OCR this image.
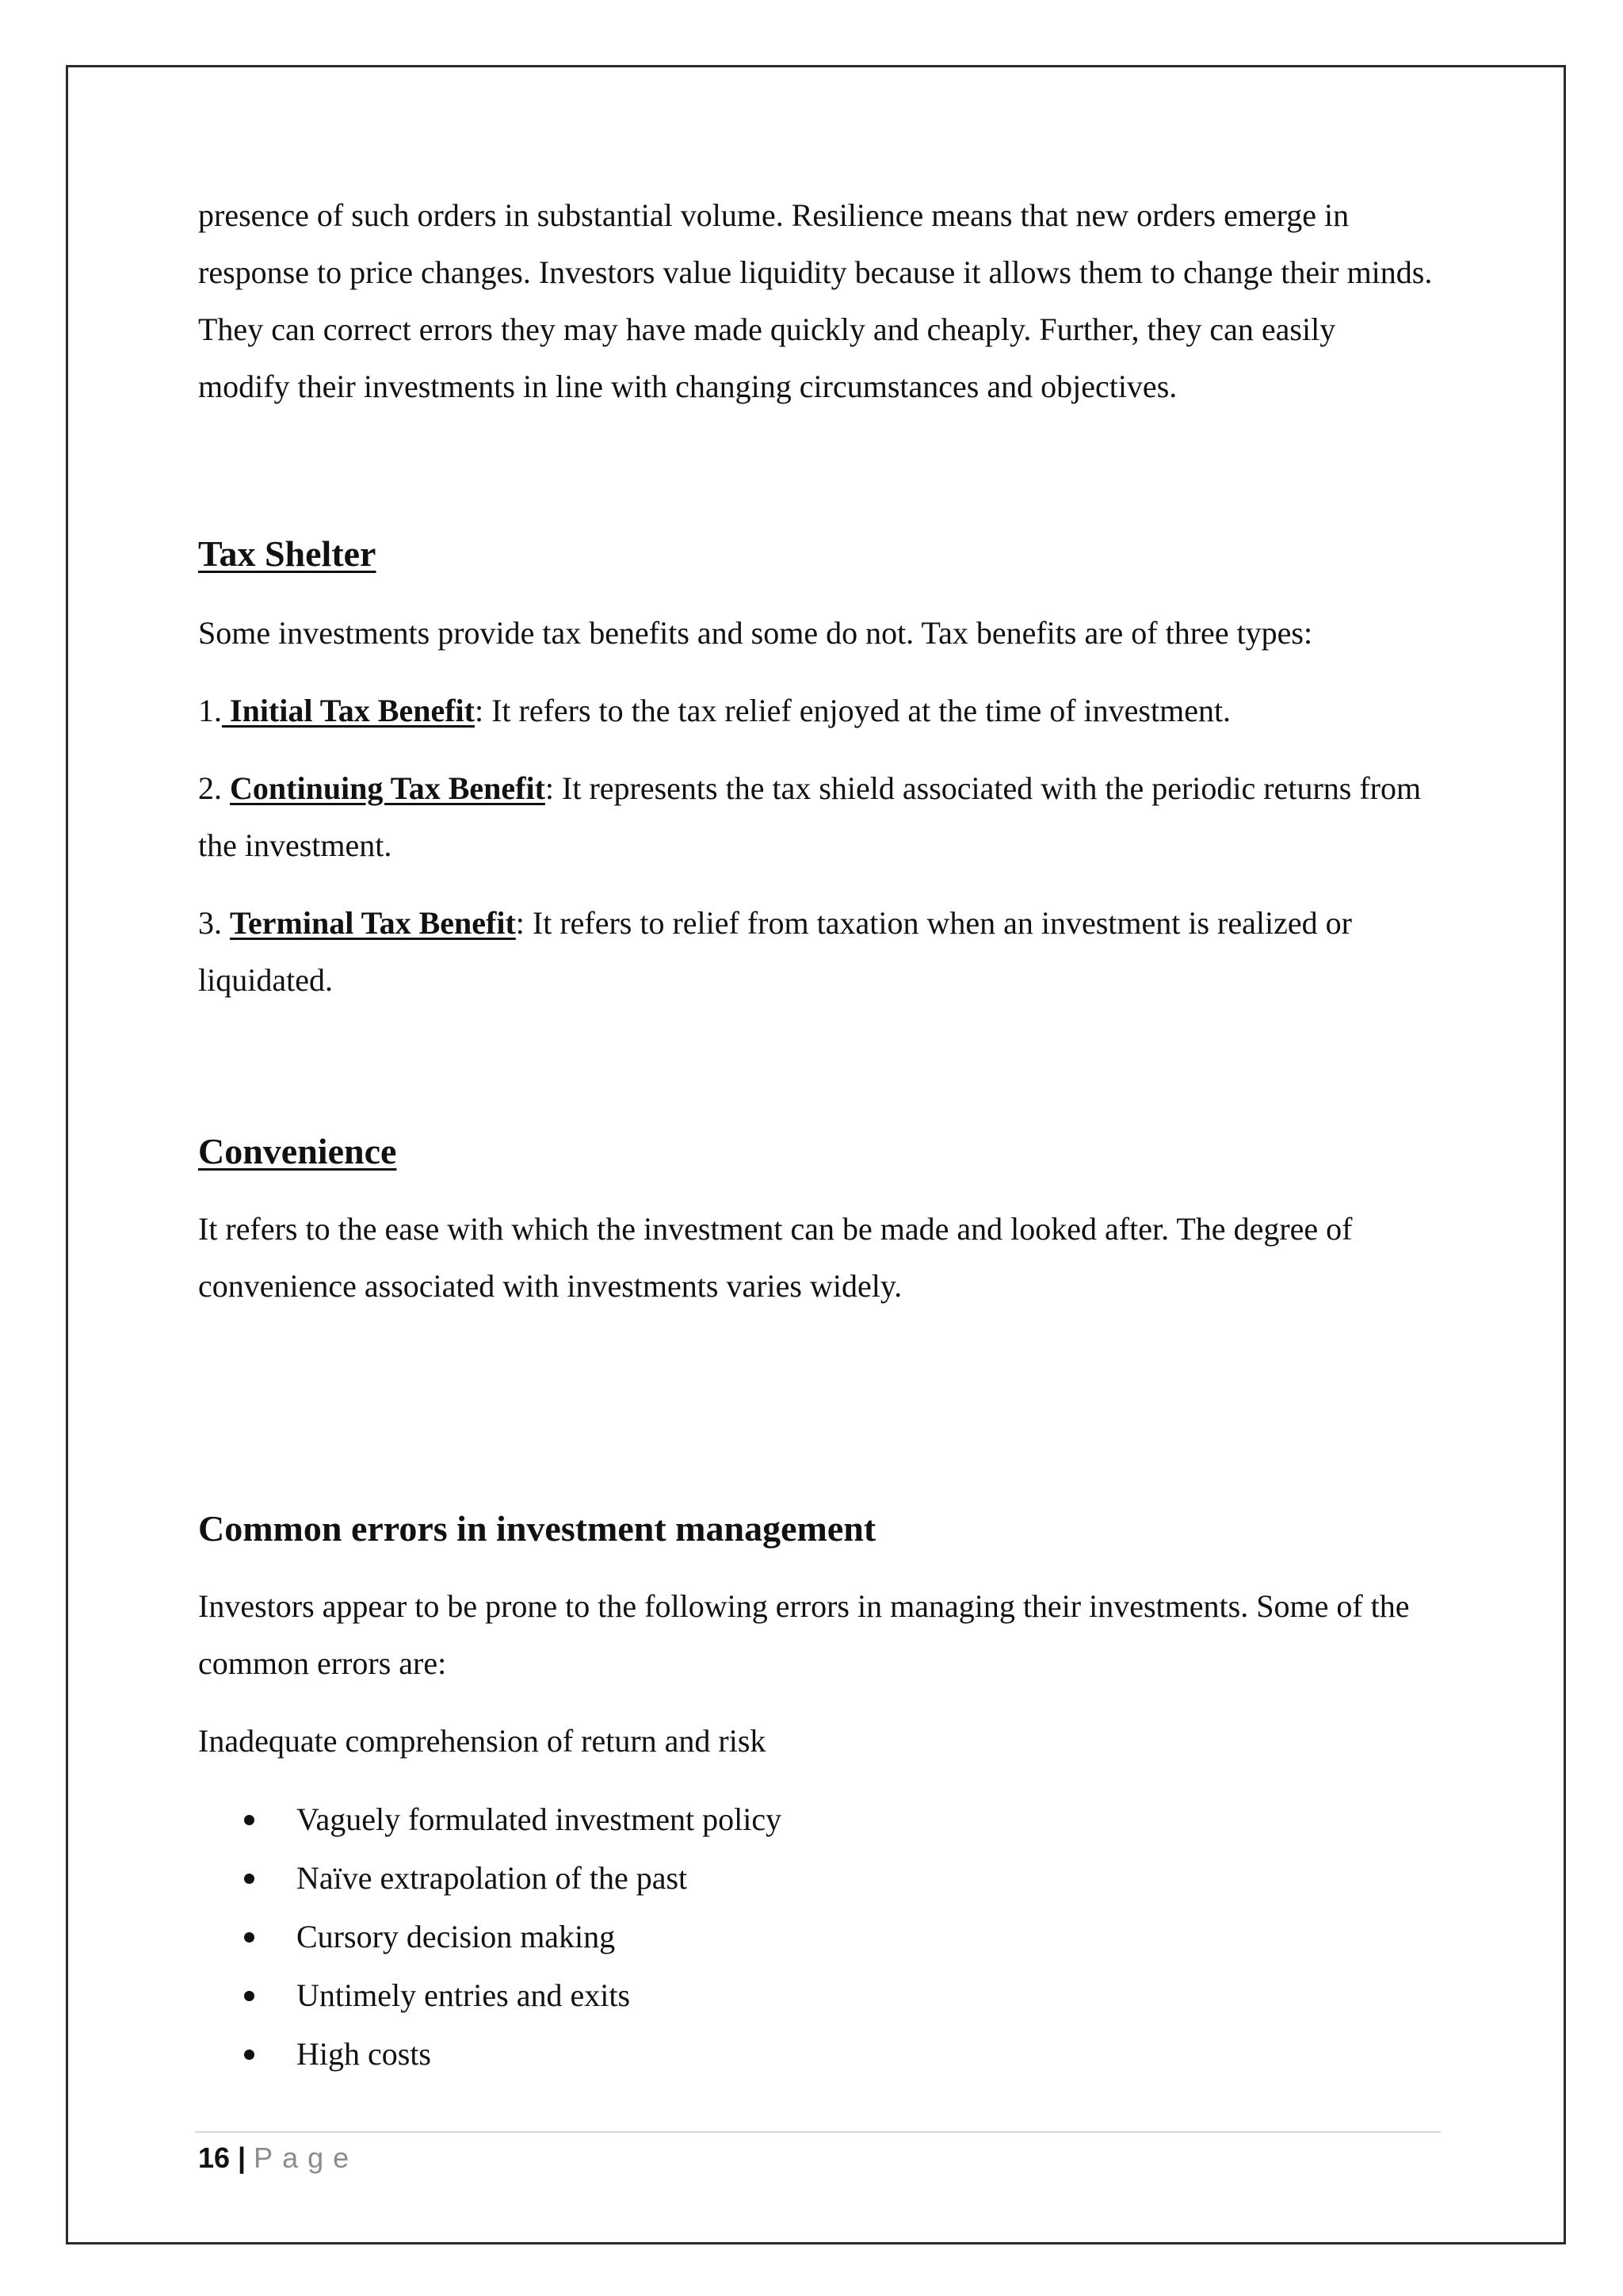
presence of such orders in substantial volume. Resilience means that new orders emerge in response to price changes. Investors value liquidity because it allows them to change their minds. They can correct errors they may have made quickly and cheaply. Further, they can easily modify their investments in line with changing circumstances and objectives.

Tax Shelter

Some investments provide tax benefits and some do not. Tax benefits are of three types:

1. Initial Tax Benefit: It refers to the tax relief enjoyed at the time of investment.

2. Continuing Tax Benefit: It represents the tax shield associated with the periodic returns from the investment.

3. Terminal Tax Benefit: It refers to relief from taxation when an investment is realized or liquidated.

Convenience

It refers to the ease with which the investment can be made and looked after. The degree of convenience associated with investments varies widely.

Common errors in investment management

Investors appear to be prone to the following errors in managing their investments. Some of the common errors are:

Inadequate comprehension of return and risk

Vaguely formulated investment policy
Naïve extrapolation of the past
Cursory decision making
Untimely entries and exits
High costs
16 | Page
